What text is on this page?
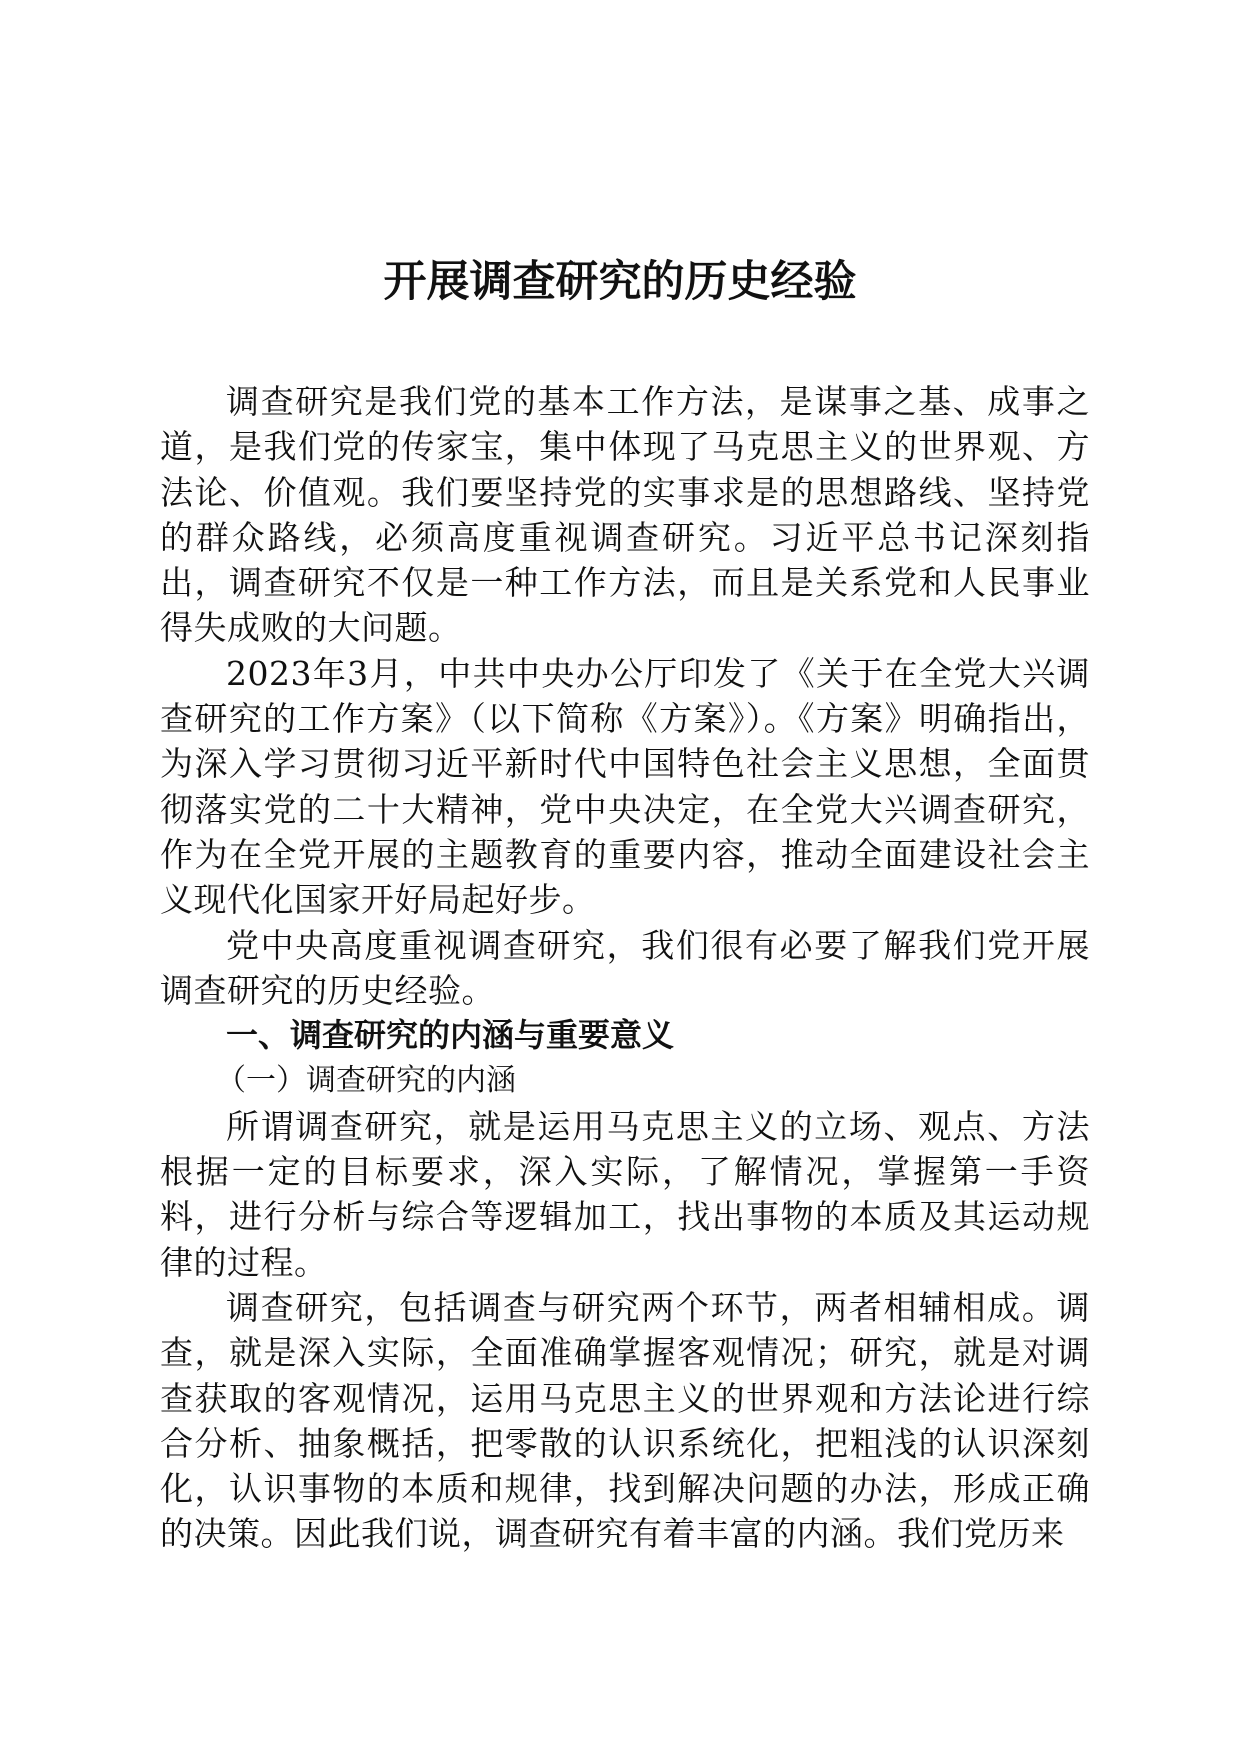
开展调查研究的历史经验

调查研究是我们党的基本工作方法，是谋事之基、成事之道，是我们党的传家宝，集中体现了马克思主义的世界观、方法论、价值观。我们要坚持党的实事求是的思想路线、坚持党的群众路线，必须高度重视调查研究。习近平总书记深刻指出，调查研究不仅是一种工作方法，而且是关系党和人民事业得失成败的大问题。

2023年3月，中共中央办公厅印发了《关于在全党大兴调查研究的工作方案》（以下简称《方案》）。《方案》明确指出，为深入学习贯彻习近平新时代中国特色社会主义思想，全面贯彻落实党的二十大精神，党中央决定，在全党大兴调查研究，作为在全党开展的主题教育的重要内容，推动全面建设社会主义现代化国家开好局起好步。

党中央高度重视调查研究，我们很有必要了解我们党开展调查研究的历史经验。

一、调查研究的内涵与重要意义
（一）调查研究的内涵

所谓调查研究，就是运用马克思主义的立场、观点、方法根据一定的目标要求，深入实际，了解情况，掌握第一手资料，进行分析与综合等逻辑加工，找出事物的本质及其运动规律的过程。

调查研究，包括调查与研究两个环节，两者相辅相成。调查，就是深入实际，全面准确掌握客观情况；研究，就是对调查获取的客观情况，运用马克思主义的世界观和方法论进行综合分析、抽象概括，把零散的认识系统化，把粗浅的认识深刻化，认识事物的本质和规律，找到解决问题的办法，形成正确的决策。因此我们说，调查研究有着丰富的内涵。我们党历来
